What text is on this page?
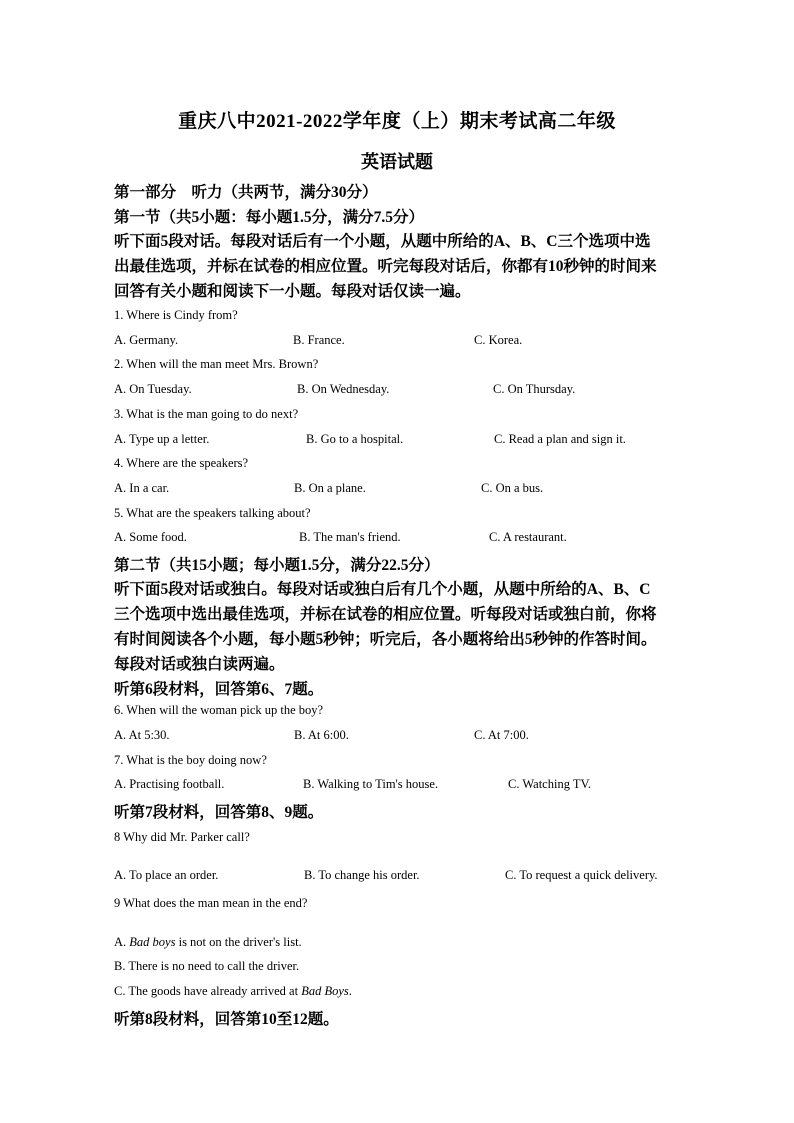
重庆八中2021-2022学年度（上）期末考试高二年级
英语试题
第一部分　听力（共两节，满分30分）
第一节（共5小题：每小题1.5分，满分7.5分）
听下面5段对话。每段对话后有一个小题，从题中所给的A、B、C三个选项中选
出最佳选项，并标在试卷的相应位置。听完每段对话后，你都有10秒钟的时间来
回答有关小题和阅读下一小题。每段对话仅读一遍。
1. Where is Cindy from?
A. Germany.	B. France.	C. Korea.
2. When will the man meet Mrs. Brown?
A. On Tuesday.	B. On Wednesday.	C. On Thursday.
3. What is the man going to do next?
A. Type up a letter.	B. Go to a hospital.	C. Read a plan and sign it.
4. Where are the speakers?
A. In a car.	B. On a plane.	C. On a bus.
5. What are the speakers talking about?
A. Some food.	B. The man's friend.	C. A restaurant.
第二节（共15小题；每小题1.5分，满分22.5分）
听下面5段对话或独白。每段对话或独白后有几个小题，从题中所给的A、B、C
三个选项中选出最佳选项，并标在试卷的相应位置。听每段对话或独白前，你将
有时间阅读各个小题，每小题5秒钟；听完后，各小题将给出5秒钟的作答时间。
每段对话或独白读两遍。
听第6段材料，回答第6、7题。
6. When will the woman pick up the boy?
A. At 5:30.	B. At 6:00.	C. At 7:00.
7. What is the boy doing now?
A. Practising football.	B. Walking to Tim's house.	C. Watching TV.
听第7段材料，回答第8、9题。
8 Why did Mr. Parker call?
A. To place an order.	B. To change his order.	C. To request a quick delivery.
9 What does the man mean in the end?
A. Bad boys is not on the driver's list.
B. There is no need to call the driver.
C. The goods have already arrived at Bad Boys.
听第8段材料，回答第10至12题。
